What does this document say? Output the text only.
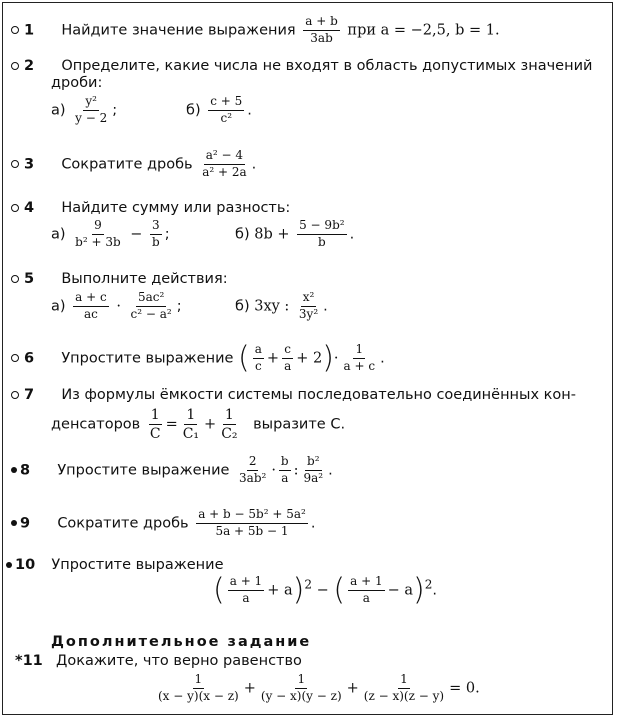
1 Найдите значение выражения $\frac{a + b}{3ab}$ при a = −2,5, b = 1.
2 Определите, какие числа не входят в область допустимых значений
дроби:
$а) \frac{\text{y²}}{y - 2}$ ;	$б) \frac{c + 5}{\text{c²}}$ .
3 Сократите дробь $\frac{\text{a² − 4}}{\text{a² + 2a}}$ .
4 Найдите сумму или разность:
$а) \frac{9}{\text{b² + 3b}} - \frac{3}{b}$ ;	б) $8b + \frac{\text{5 − 9b²}}{b}$ .
5 Выполните действия:
$а) \frac{a + c}{ac} \cdot \frac{\text{5ac²}}{\text{c² − a²}}$ ;	б) 3xy : $\frac{\text{x²}}{\text{3y²}}$ .
6 Упростите выражение ( $\frac{a}{c} + \frac{c}{a} + 2)\cdot \frac{1}{a + c}$ .
7 Из формулы ёмкости системы последовательно соединённых кон-
денсаторов $\frac{1}{C} = \frac{1}{\text{C₁}} + \frac{1}{\text{C₂}}$ выразите C.
8 Упростите выражение $\frac{2}{\text{3ab²}} \cdot \frac{b}{a}$ : $\frac{\text{b²}}{\text{9a²}}$ .
9 Сократите дробь $\frac{\text{a + b − 5b² + 5a²}}{5a + 5b - 1}$ .
10 Упростите выражение
( $\frac{a + 1}{a} + a)^2$ − ( $\frac{a + 1}{a} - a)^2$.
Дополнительное задание
*11 Докажите, что верно равенство
$\frac{1}{(x - y)(x - z)} + \frac{1}{(y - x)(y - z)} + \frac{1}{(z - x)(z - y)} = 0$.
